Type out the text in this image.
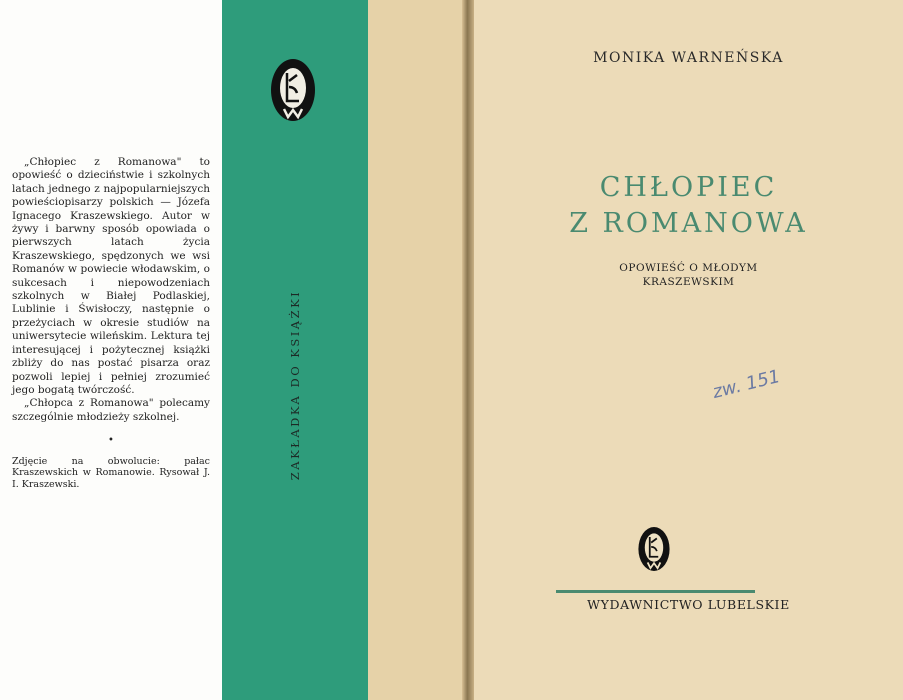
„Chłopiec z Romanowa" to opowieść o dzieciństwie i szkolnych latach jednego z najpopularniejszych powieściopisarzy polskich — Józefa Ignacego Kraszewskiego. Autor w żywy i barwny sposób opowiada o pierwszych latach życia Kraszewskiego, spędzonych we wsi Romanów w powiecie włodawskim, o sukcesach i niepowodzeniach szkolnych w Białej Podlaskiej, Lublinie i Świsłoczy, następnie o przeżyciach w okresie studiów na uniwersytecie wileńskim. Lektura tej interesującej i pożytecznej książki zbliży do nas postać pisarza oraz pozwoli lepiej i pełniej zrozumieć jego bogatą twórczość.

„Chłopca z Romanowa" polecamy szczególnie młodzieży szkolnej.

•
Zdjęcie na obwolucie: pałac Kraszewskich w Romanowie. Rysował J. I. Kraszewski.
ZAKŁADKA DO KSIĄŻKI
MONIKA WARNEŃSKA
CHŁOPIEC
Z ROMANOWA
OPOWIEŚĆ O MŁODYM
KRASZEWSKIM
zw. 151
WYDAWNICTWO LUBELSKIE
